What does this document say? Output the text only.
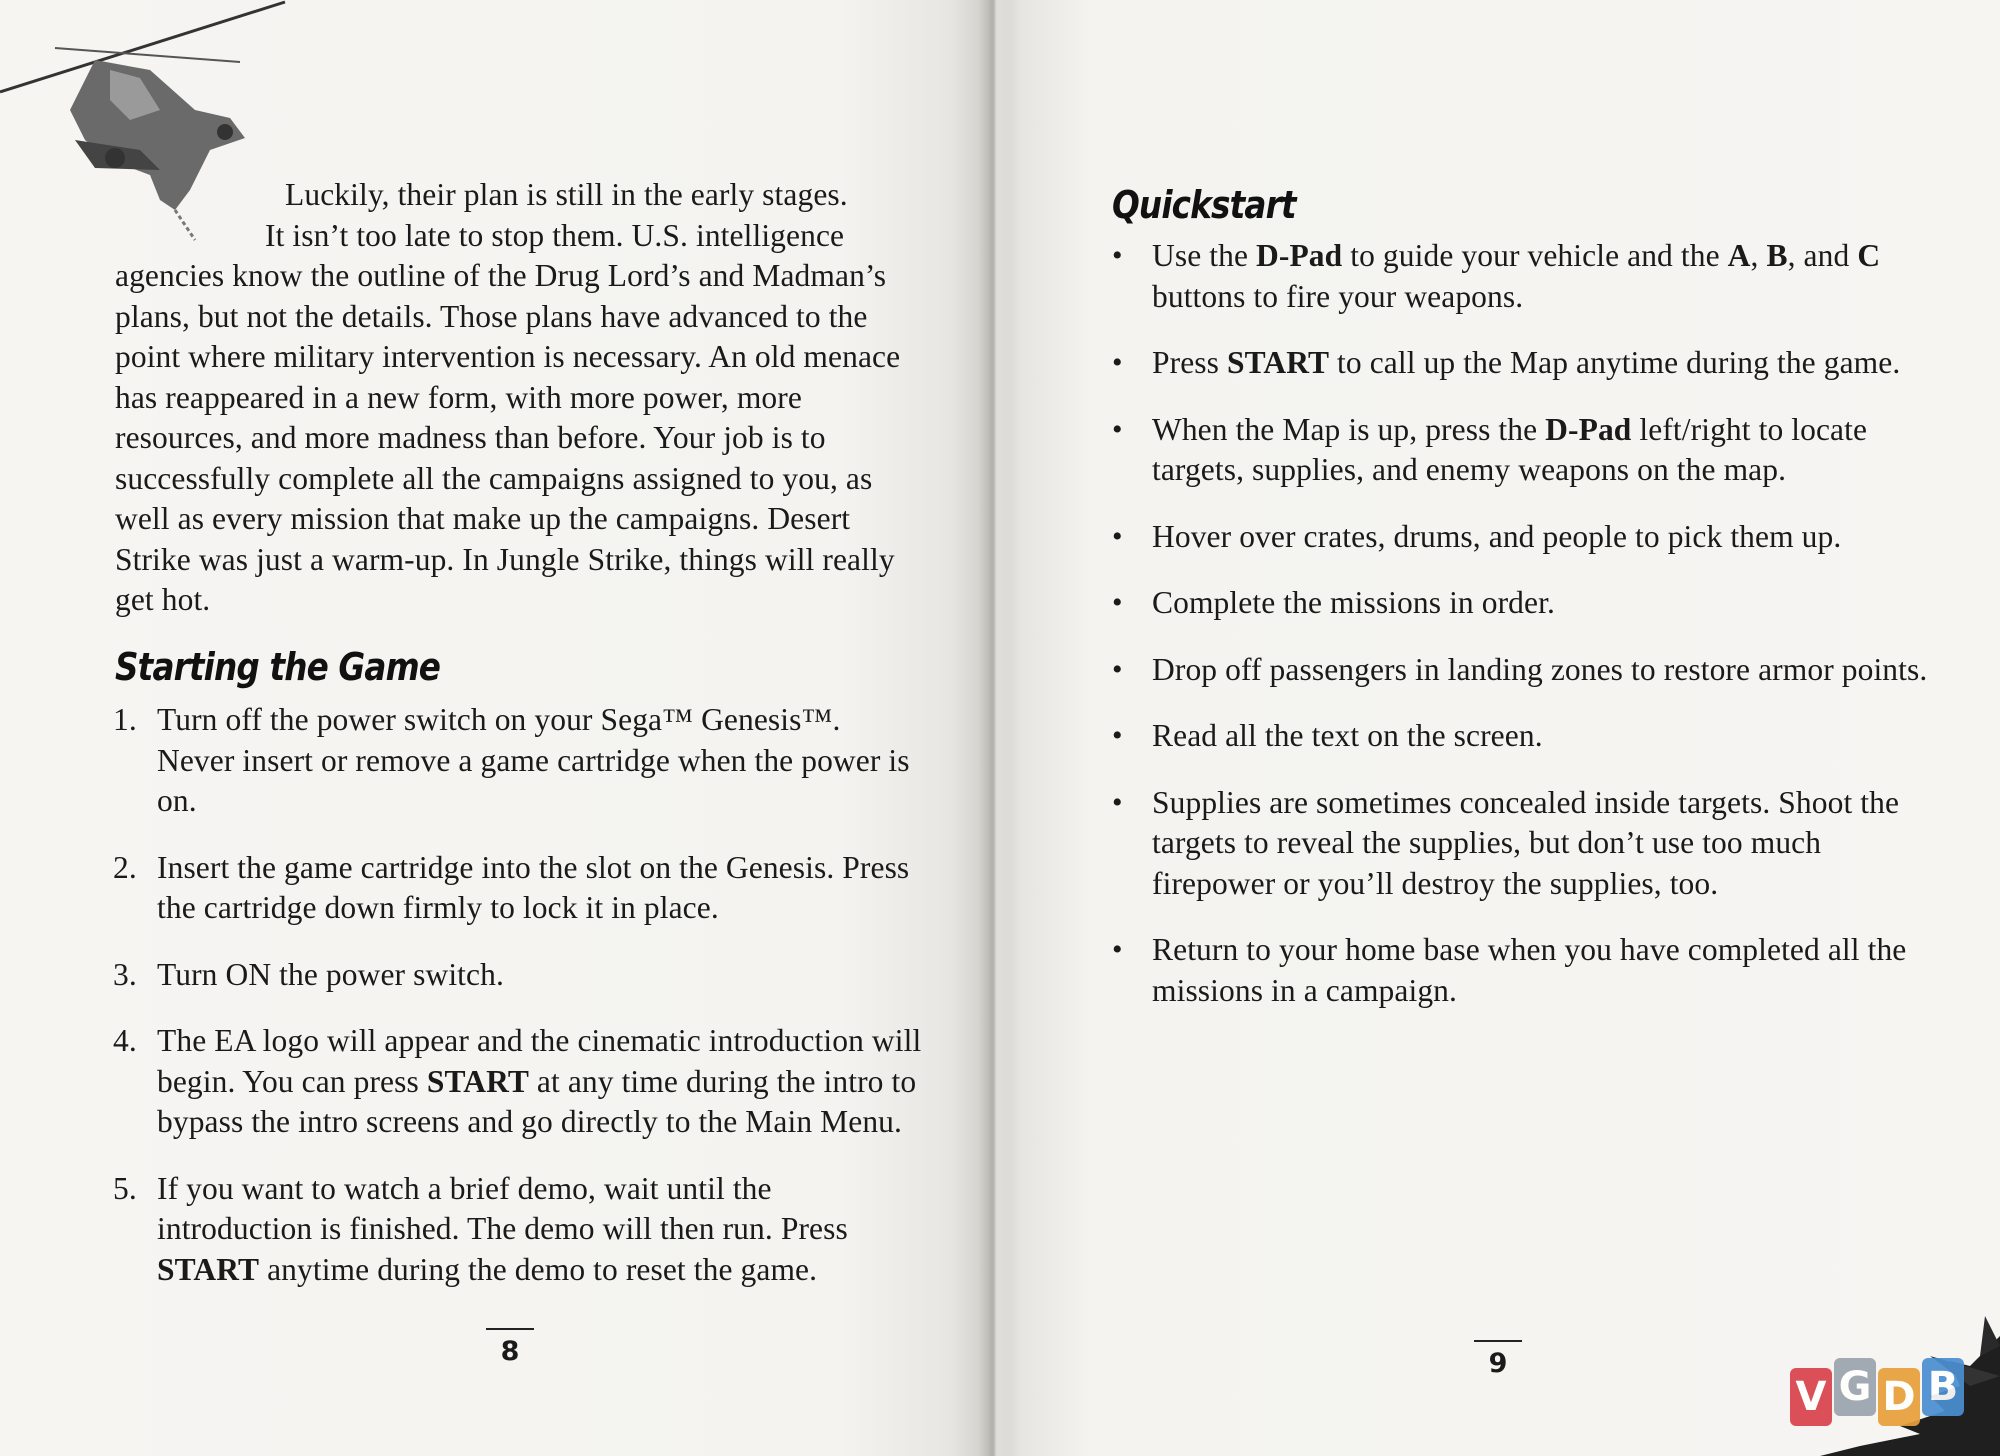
Luckily, their plan is still in the early stages.
It isn’t too late to stop them. U.S. intelligence
agencies know the outline of the Drug Lord’s and Madman’s plans, but not the details. Those plans have advanced to the point where military intervention is necessary. An old menace has reappeared in a new form, with more power, more resources, and more madness than before. Your job is to successfully complete all the campaigns assigned to you, as well as every mission that make up the campaigns. Desert Strike was just a warm-up. In Jungle Strike, things will really get hot.
Starting the Game
1. Turn off the power switch on your Sega™ Genesis™. Never insert or remove a game cartridge when the power is on.
2. Insert the game cartridge into the slot on the Genesis. Press the cartridge down firmly to lock it in place.
3. Turn ON the power switch.
4. The EA logo will appear and the cinematic introduction will begin. You can press START at any time during the intro to bypass the intro screens and go directly to the Main Menu.
5. If you want to watch a brief demo, wait until the introduction is finished. The demo will then run. Press START anytime during the demo to reset the game.
8
Quickstart
• Use the D-Pad to guide your vehicle and the A, B, and C buttons to fire your weapons.
• Press START to call up the Map anytime during the game.
• When the Map is up, press the D-Pad left/right to locate targets, supplies, and enemy weapons on the map.
• Hover over crates, drums, and people to pick them up.
• Complete the missions in order.
• Drop off passengers in landing zones to restore armor points.
• Read all the text on the screen.
• Supplies are sometimes concealed inside targets. Shoot the targets to reveal the supplies, but don’t use too much firepower or you’ll destroy the supplies, too.
• Return to your home base when you have completed all the missions in a campaign.
9
V G D B
